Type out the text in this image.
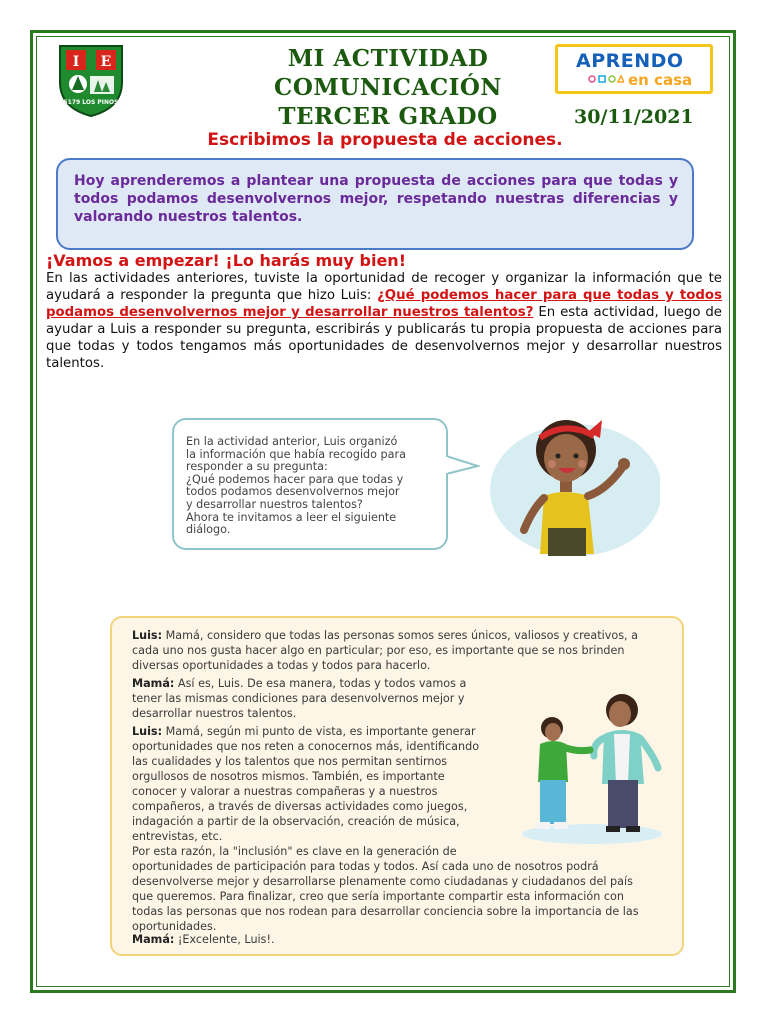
I E
5179 LOS PINOS
MI ACTIVIDAD
COMUNICACIÓN
TERCER GRADO
APRENDO
en casa
30/11/2021
Escribimos la propuesta de acciones.
Hoy aprenderemos a plantear una propuesta de acciones para que todas y todos podamos desenvolvernos mejor, respetando nuestras diferencias y valorando nuestros talentos.
¡Vamos a empezar! ¡Lo harás muy bien!
En las actividades anteriores, tuviste la oportunidad de recoger y organizar la información que te ayudará a responder la pregunta que hizo Luis: ¿Qué podemos hacer para que todas y todos podamos desenvolvernos mejor y desarrollar nuestros talentos? En esta actividad, luego de ayudar a Luis a responder su pregunta, escribirás y publicarás tu propia propuesta de acciones para que todas y todos tengamos más oportunidades de desenvolvernos mejor y desarrollar nuestros talentos.
En la actividad anterior, Luis organizó
la información que había recogido para
responder a su pregunta:
¿Qué podemos hacer para que todas y
todos podamos desenvolvernos mejor
y desarrollar nuestros talentos?
Ahora te invitamos a leer el siguiente
diálogo.
Luis: Mamá, considero que todas las personas somos seres únicos, valiosos y creativos, a
cada uno nos gusta hacer algo en particular; por eso, es importante que se nos brinden
diversas oportunidades a todas y todos para hacerlo.
Mamá: Así es, Luis. De esa manera, todas y todos vamos a
tener las mismas condiciones para desenvolvernos mejor y
desarrollar nuestros talentos.
Luis: Mamá, según mi punto de vista, es importante generar
oportunidades que nos reten a conocernos más, identificando
las cualidades y los talentos que nos permitan sentirnos
orgullosos de nosotros mismos. También, es importante
conocer y valorar a nuestras compañeras y a nuestros
compañeros, a través de diversas actividades como juegos,
indagación a partir de la observación, creación de música,
entrevistas, etc.
Por esta razón, la "inclusión" es clave en la generación de
oportunidades de participación para todas y todos. Así cada uno de nosotros podrá
desenvolverse mejor y desarrollarse plenamente como ciudadanas y ciudadanos del país
que queremos. Para finalizar, creo que sería importante compartir esta información con
todas las personas que nos rodean para desarrollar conciencia sobre la importancia de las
oportunidades.
Mamá: ¡Excelente, Luis!.
